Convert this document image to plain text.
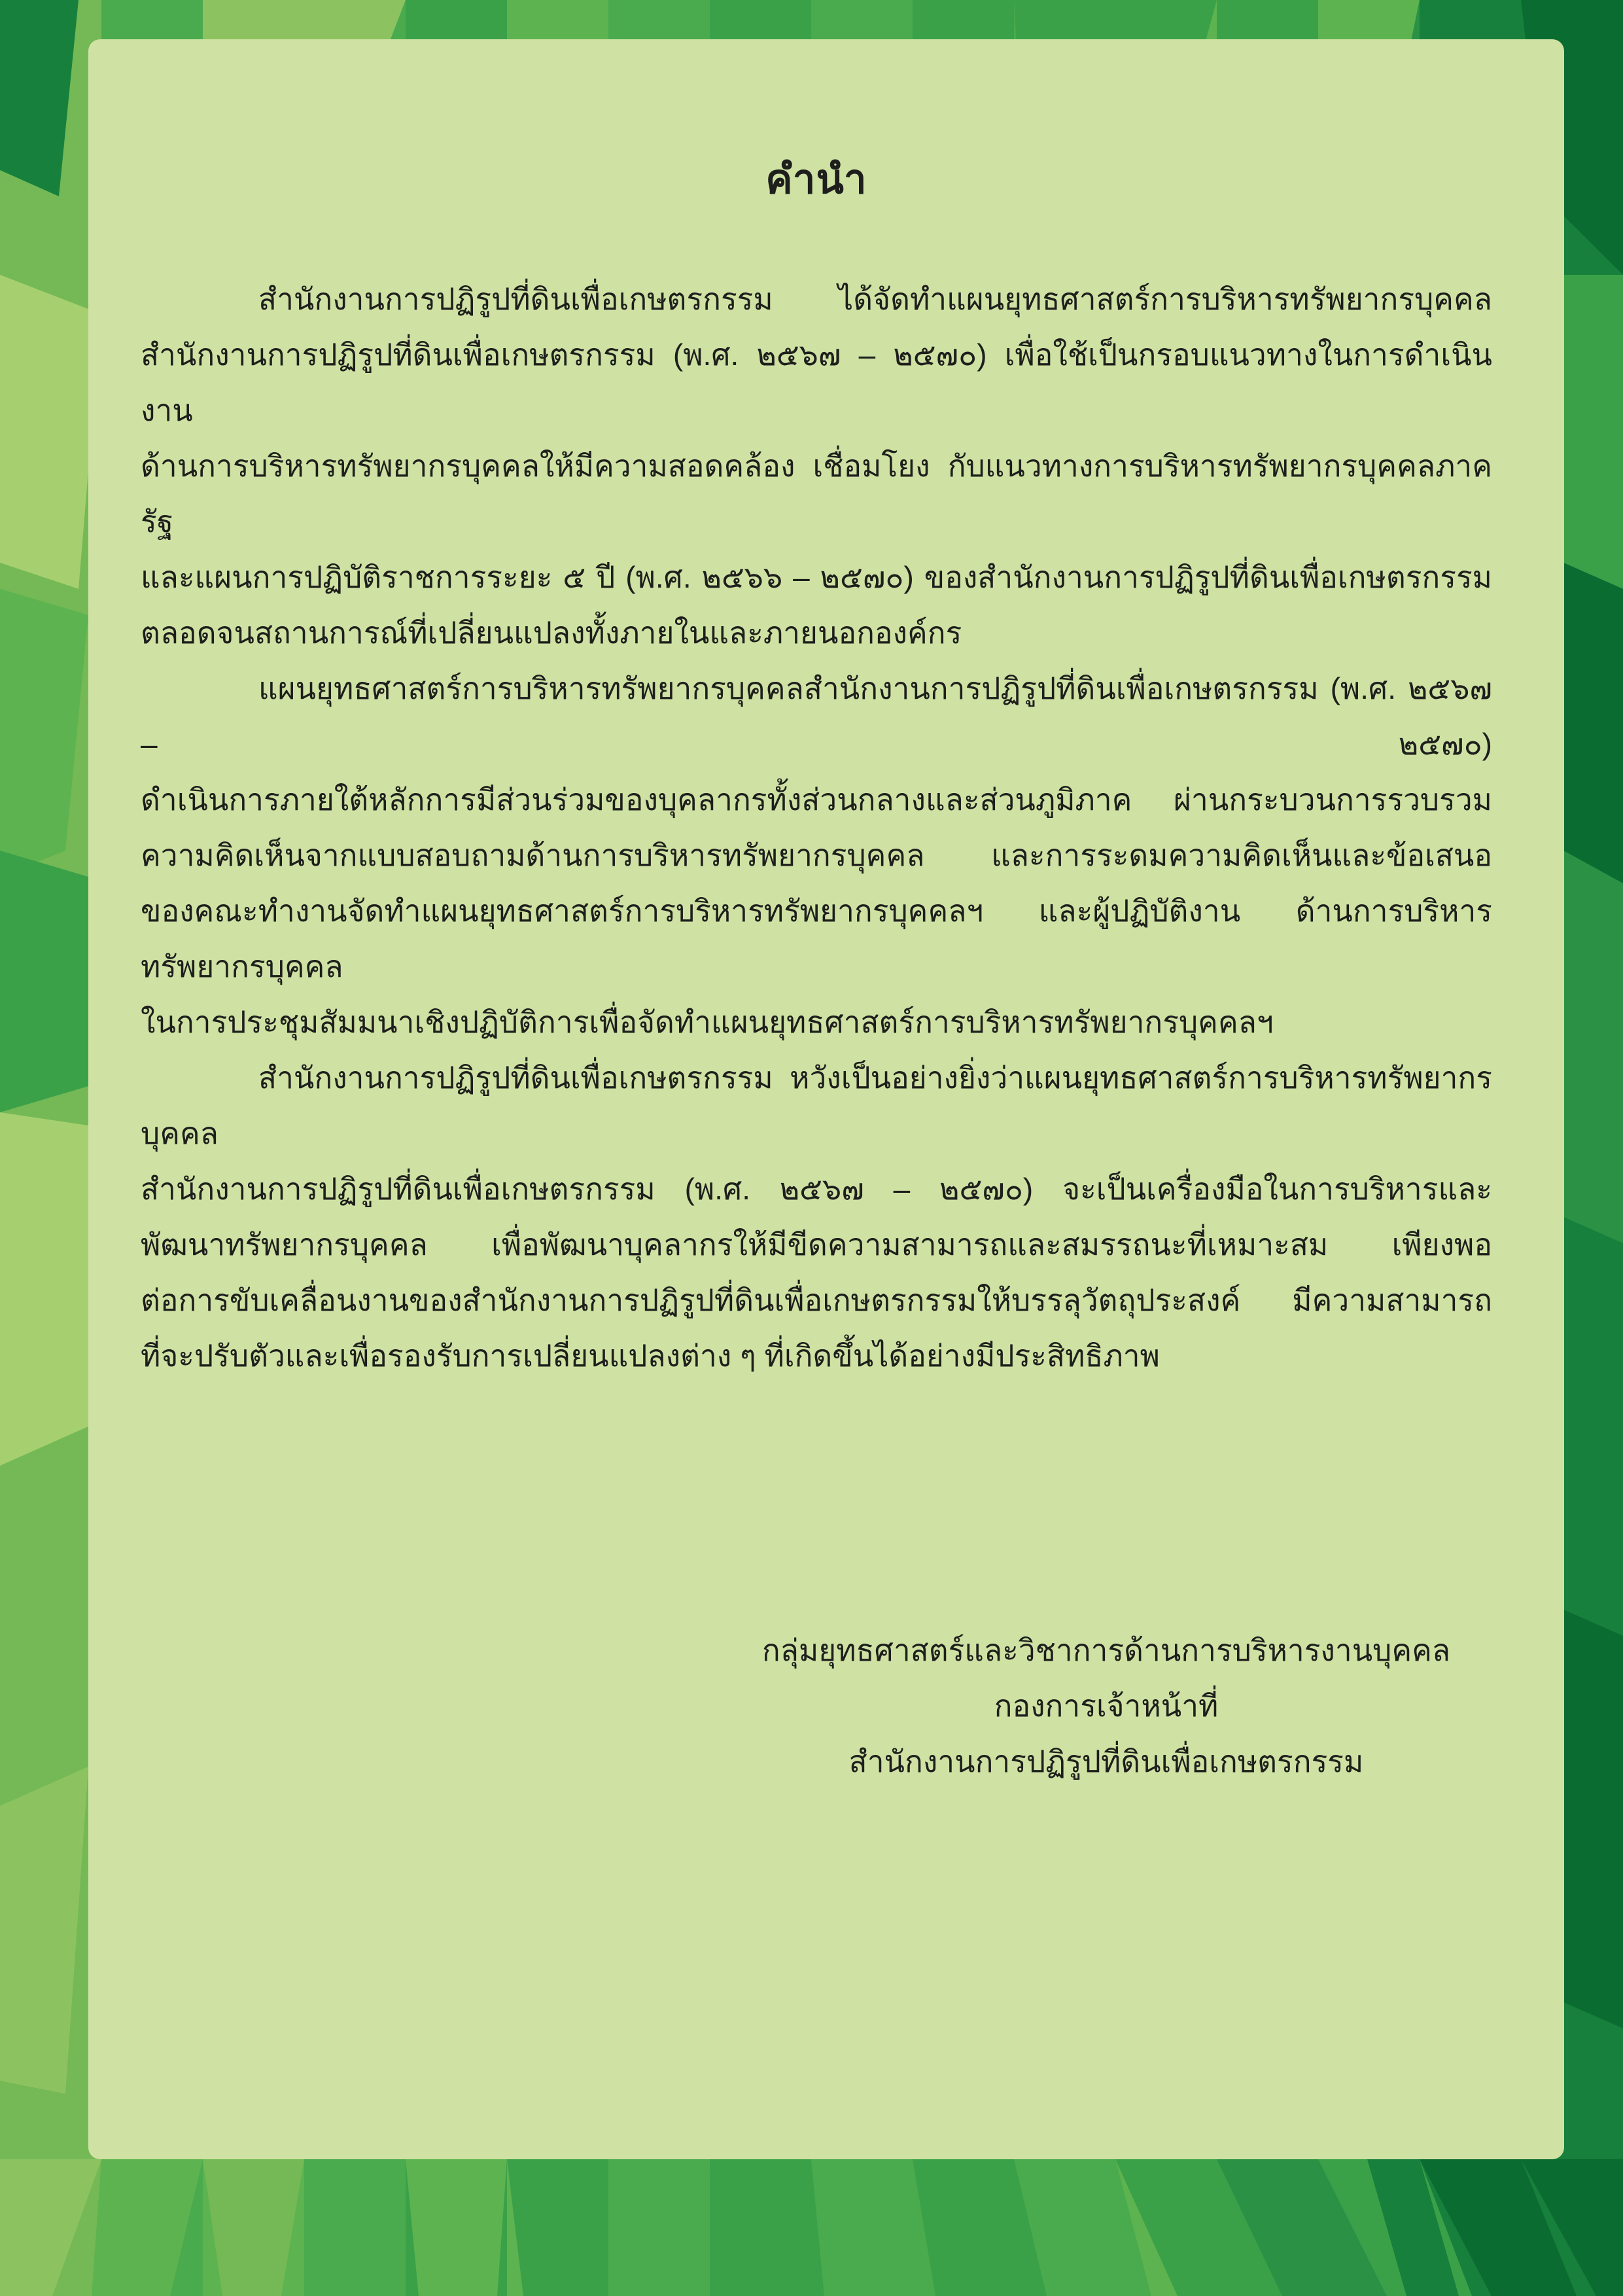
คำนำ
สำนักงานการปฏิรูปที่ดินเพื่อเกษตรกรรม ได้จัดทำแผนยุทธศาสตร์การบริหารทรัพยากรบุคคล
สำนักงานการปฏิรูปที่ดินเพื่อเกษตรกรรม (พ.ศ. ๒๕๖๗ – ๒๕๗๐) เพื่อใช้เป็นกรอบแนวทางในการดำเนินงาน
ด้านการบริหารทรัพยากรบุคคลให้มีความสอดคล้อง เชื่อมโยง กับแนวทางการบริหารทรัพยากรบุคคลภาครัฐ
และแผนการปฏิบัติราชการระยะ ๕ ปี (พ.ศ. ๒๕๖๖ – ๒๕๗๐) ของสำนักงานการปฏิรูปที่ดินเพื่อเกษตรกรรม
ตลอดจนสถานการณ์ที่เปลี่ยนแปลงทั้งภายในและภายนอกองค์กร
แผนยุทธศาสตร์การบริหารทรัพยากรบุคคลสำนักงานการปฏิรูปที่ดินเพื่อเกษตรกรรม (พ.ศ. ๒๕๖๗ – ๒๕๗๐)
ดำเนินการภายใต้หลักการมีส่วนร่วมของบุคลากรทั้งส่วนกลางและส่วนภูมิภาค ผ่านกระบวนการรวบรวม
ความคิดเห็นจากแบบสอบถามด้านการบริหารทรัพยากรบุคคล และการระดมความคิดเห็นและข้อเสนอ
ของคณะทำงานจัดทำแผนยุทธศาสตร์การบริหารทรัพยากรบุคคลฯ และผู้ปฏิบัติงาน ด้านการบริหารทรัพยากรบุคคล
ในการประชุมสัมมนาเชิงปฏิบัติการเพื่อจัดทำแผนยุทธศาสตร์การบริหารทรัพยากรบุคคลฯ
สำนักงานการปฏิรูปที่ดินเพื่อเกษตรกรรม หวังเป็นอย่างยิ่งว่าแผนยุทธศาสตร์การบริหารทรัพยากรบุคคล
สำนักงานการปฏิรูปที่ดินเพื่อเกษตรกรรม (พ.ศ. ๒๕๖๗ – ๒๕๗๐) จะเป็นเครื่องมือในการบริหารและ
พัฒนาทรัพยากรบุคคล เพื่อพัฒนาบุคลากรให้มีขีดความสามารถและสมรรถนะที่เหมาะสม เพียงพอ
ต่อการขับเคลื่อนงานของสำนักงานการปฏิรูปที่ดินเพื่อเกษตรกรรมให้บรรลุวัตถุประสงค์ มีความสามารถ
ที่จะปรับตัวและเพื่อรองรับการเปลี่ยนแปลงต่าง ๆ ที่เกิดขึ้นได้อย่างมีประสิทธิภาพ
กลุ่มยุทธศาสตร์และวิชาการด้านการบริหารงานบุคคล
กองการเจ้าหน้าที่
สำนักงานการปฏิรูปที่ดินเพื่อเกษตรกรรม
